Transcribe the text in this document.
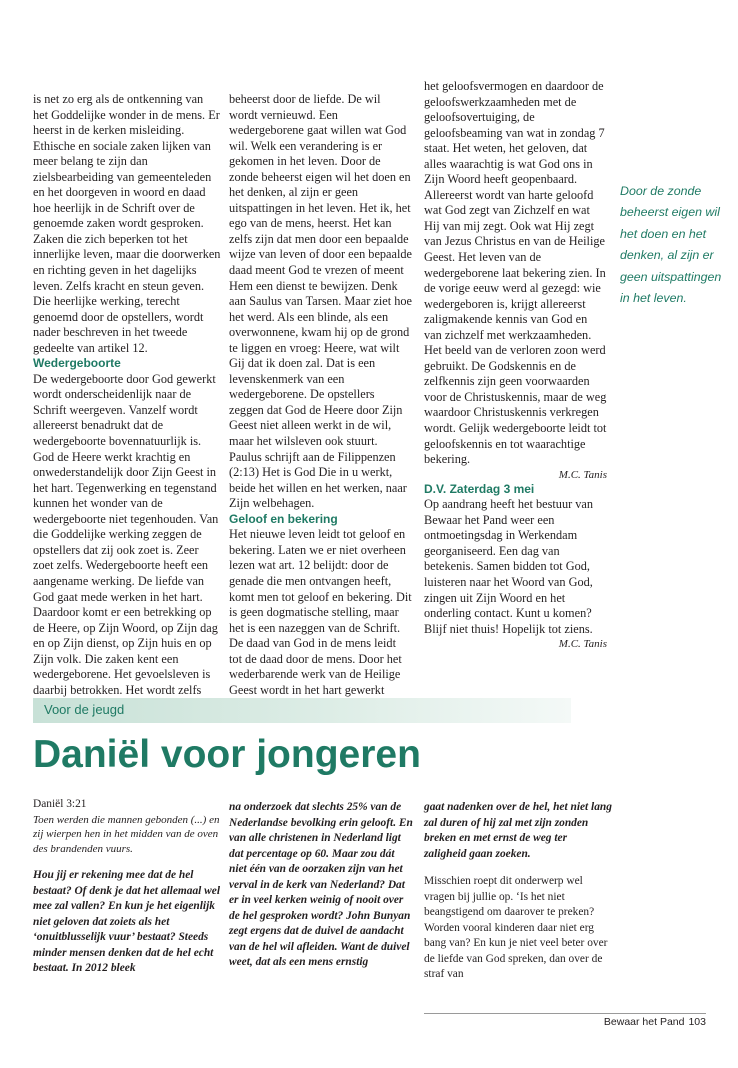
is net zo erg als de ontkenning van het Goddelijke wonder in de mens. Er heerst in de kerken misleiding. Ethische en sociale zaken lijken van meer belang te zijn dan zielsbearbeiding van gemeenteleden en het doorgeven in woord en daad hoe heerlijk in de Schrift over de genoemde zaken wordt gesproken. Zaken die zich beperken tot het innerlijke leven, maar die doorwerken en richting geven in het dagelijks leven. Zelfs kracht en steun geven. Die heerlijke werking, terecht genoemd door de opstellers, wordt nader beschreven in het tweede gedeelte van artikel 12.

Wedergeboorte

De wedergeboorte door God gewerkt wordt onderscheidenlijk naar de Schrift weergeven. Vanzelf wordt allereerst benadrukt dat de wedergeboorte bovennatuurlijk is. God de Heere werkt krachtig en onwederstandelijk door Zijn Geest in het hart. Tegenwerking en tegenstand kunnen het wonder van de wedergeboorte niet tegenhouden. Van die Goddelijke werking zeggen de opstellers dat zij ook zoet is. Zeer zoet zelfs. Wedergeboorte heeft een aangename werking. De liefde van God gaat mede werken in het hart. Daardoor komt er een betrekking op de Heere, op Zijn Woord, op Zijn dag en op Zijn dienst, op Zijn huis en op Zijn volk. Die zaken kent een wedergeborene. Het gevoelsleven is daarbij betrokken. Het wordt zelfs

beheerst door de liefde. De wil wordt vernieuwd. Een wedergeborene gaat willen wat God wil. Welk een verandering is er gekomen in het leven. Door de zonde beheerst eigen wil het doen en het denken, al zijn er geen uitspattingen in het leven. Het ik, het ego van de mens, heerst. Het kan zelfs zijn dat men door een bepaalde wijze van leven of door een bepaalde daad meent God te vrezen of meent Hem een dienst te bewijzen. Denk aan Saulus van Tarsen. Maar ziet hoe het werd. Als een blinde, als een overwonnene, kwam hij op de grond te liggen en vroeg: Heere, wat wilt Gij dat ik doen zal. Dat is een levenskenmerk van een wedergeborene. De opstellers zeggen dat God de Heere door Zijn Geest niet alleen werkt in de wil, maar het wilsleven ook stuurt. Paulus schrijft aan de Filippenzen (2:13) Het is God Die in u werkt, beide het willen en het werken, naar Zijn welbehagen.

Geloof en bekering

Het nieuwe leven leidt tot geloof en bekering. Laten we er niet overheen lezen wat art. 12 belijdt: door de genade die men ontvangen heeft, komt men tot geloof en bekering. Dit is geen dogmatische stelling, maar het is een nazeggen van de Schrift. De daad van God in de mens leidt tot de daad door de mens. Door het wederbarende werk van de Heilige Geest wordt in het hart gewerkt

het geloofsvermogen en daardoor de geloofswerkzaamheden met de geloofsovertuiging, de geloofsbeaming van wat in zondag 7 staat. Het weten, het geloven, dat alles waarachtig is wat God ons in Zijn Woord heeft geopenbaard. Allereerst wordt van harte geloofd wat God zegt van Zichzelf en wat Hij van mij zegt. Ook wat Hij zegt van Jezus Christus en van de Heilige Geest. Het leven van de wedergeborene laat bekering zien. In de vorige eeuw werd al gezegd: wie wedergeboren is, krijgt allereerst zaligmakende kennis van God en van zichzelf met werkzaamheden. Het beeld van de verloren zoon werd gebruikt. De Godskennis en de zelfkennis zijn geen voorwaarden voor de Christuskennis, maar de weg waardoor Christuskennis verkregen wordt. Gelijk wedergeboorte leidt tot geloofskennis en tot waarachtige bekering.

M.C. Tanis

D.V. Zaterdag 3 mei

Op aandrang heeft het bestuur van Bewaar het Pand weer een ontmoetingsdag in Werkendam georganiseerd. Een dag van betekenis. Samen bidden tot God, luisteren naar het Woord van God, zingen uit Zijn Woord en het onderling contact. Kunt u komen? Blijf niet thuis! Hopelijk tot ziens.

M.C. Tanis

Door de zonde beheerst eigen wil het doen en het denken, al zijn er geen uitspattingen in het leven.
Voor de jeugd
Daniël voor jongeren

Daniël 3:21

Toen werden die mannen gebonden (...) en zij wierpen hen in het midden van de oven des brandenden vuurs.

Hou jij er rekening mee dat de hel bestaat? Of denk je dat het allemaal wel mee zal vallen? En kun je het eigenlijk niet geloven dat zoiets als het ‘onuitblusselijk vuur’ bestaat? Steeds minder mensen denken dat de hel echt bestaat. In 2012 bleek

na onderzoek dat slechts 25% van de Nederlandse bevolking erin gelooft. En van alle christenen in Nederland ligt dat percentage op 60. Maar zou dát niet één van de oorzaken zijn van het verval in de kerk van Nederland? Dat er in veel kerken weinig of nooit over de hel gesproken wordt? John Bunyan zegt ergens dat de duivel de aandacht van de hel wil afleiden. Want de duivel weet, dat als een mens ernstig

gaat nadenken over de hel, het niet lang zal duren of hij zal met zijn zonden breken en met ernst de weg ter zaligheid gaan zoeken.

Misschien roept dit onderwerp wel vragen bij jullie op. ‘Is het niet beangstigend om daarover te preken? Worden vooral kinderen daar niet erg bang van? En kun je niet veel beter over de liefde van God spreken, dan over de straf van

Bewaar het Pand 103
